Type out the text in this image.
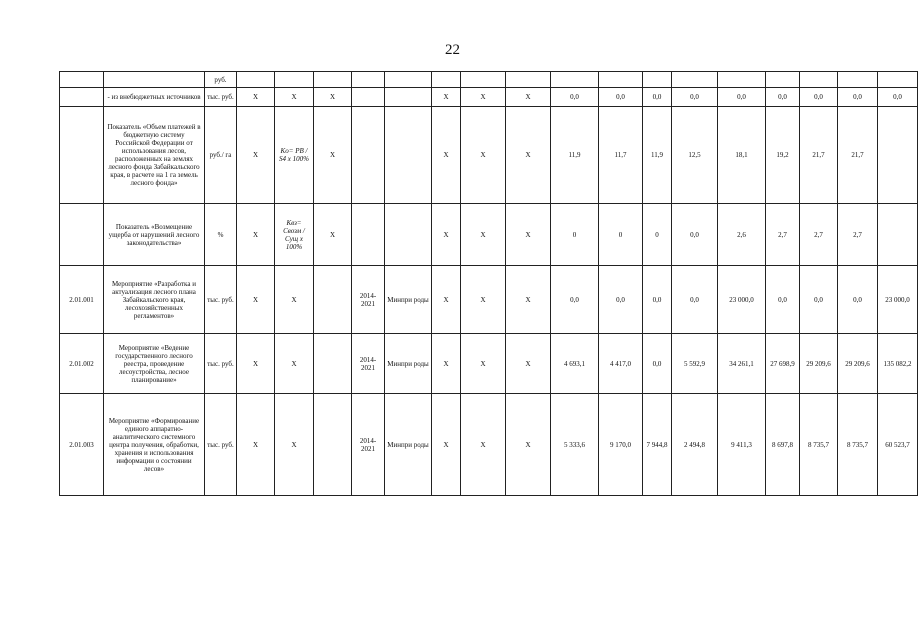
22
		руб.																	
	- из внебюджетных источников	тыс. руб.	X	X	X			X	X	X	0,0	0,0	0,0	0,0	0,0	0,0	0,0	0,0	0,0
	Показатель «Объем платежей в бюджетную систему Российской Федерации от использования лесов, расположенных на землях лесного фонда Забайкальского края, в расчете на 1 га земель лесного фонда»	руб./ га	X	Kо= PB / S4 x 100%	X			X	X	X	11,9	11,7	11,9	12,5	18,1	19,2	21,7	21,7	
	Показатель «Возмещение ущерба от нарушений лесного законодательства»	%	X	Kвз= Свозм / Сущ x 100%	X			X	X	X	0	0	0	0,0	2,6	2,7	2,7	2,7	
2.01.001	Мероприятие «Разработка и актуализация лесного плана Забайкальского края, лесохозяйственных регламентов»	тыс. руб.	X	X		2014-2021	Минпри роды	X	X	X	0,0	0,0	0,0	0,0	23 000,0	0,0	0,0	0,0	23 000,0
2.01.002	Мероприятие «Ведение государственного лесного реестра, проведение лесоустройства, лесное планирование»	тыс. руб.	X	X		2014-2021	Минпри роды	X	X	X	4 693,1	4 417,0	0,0	5 592,9	34 261,1	27 698,9	29 209,6	29 209,6	135 082,2
2.01.003	Мероприятие «Формирование единого аппаратно-аналитического системного центра получения, обработки, хранения и использования информации о состоянии лесов»	тыс. руб.	X	X		2014-2021	Минпри роды	X	X	X	5 333,6	9 170,0	7 944,8	2 494,8	9 411,3	8 697,8	8 735,7	8 735,7	60 523,7
